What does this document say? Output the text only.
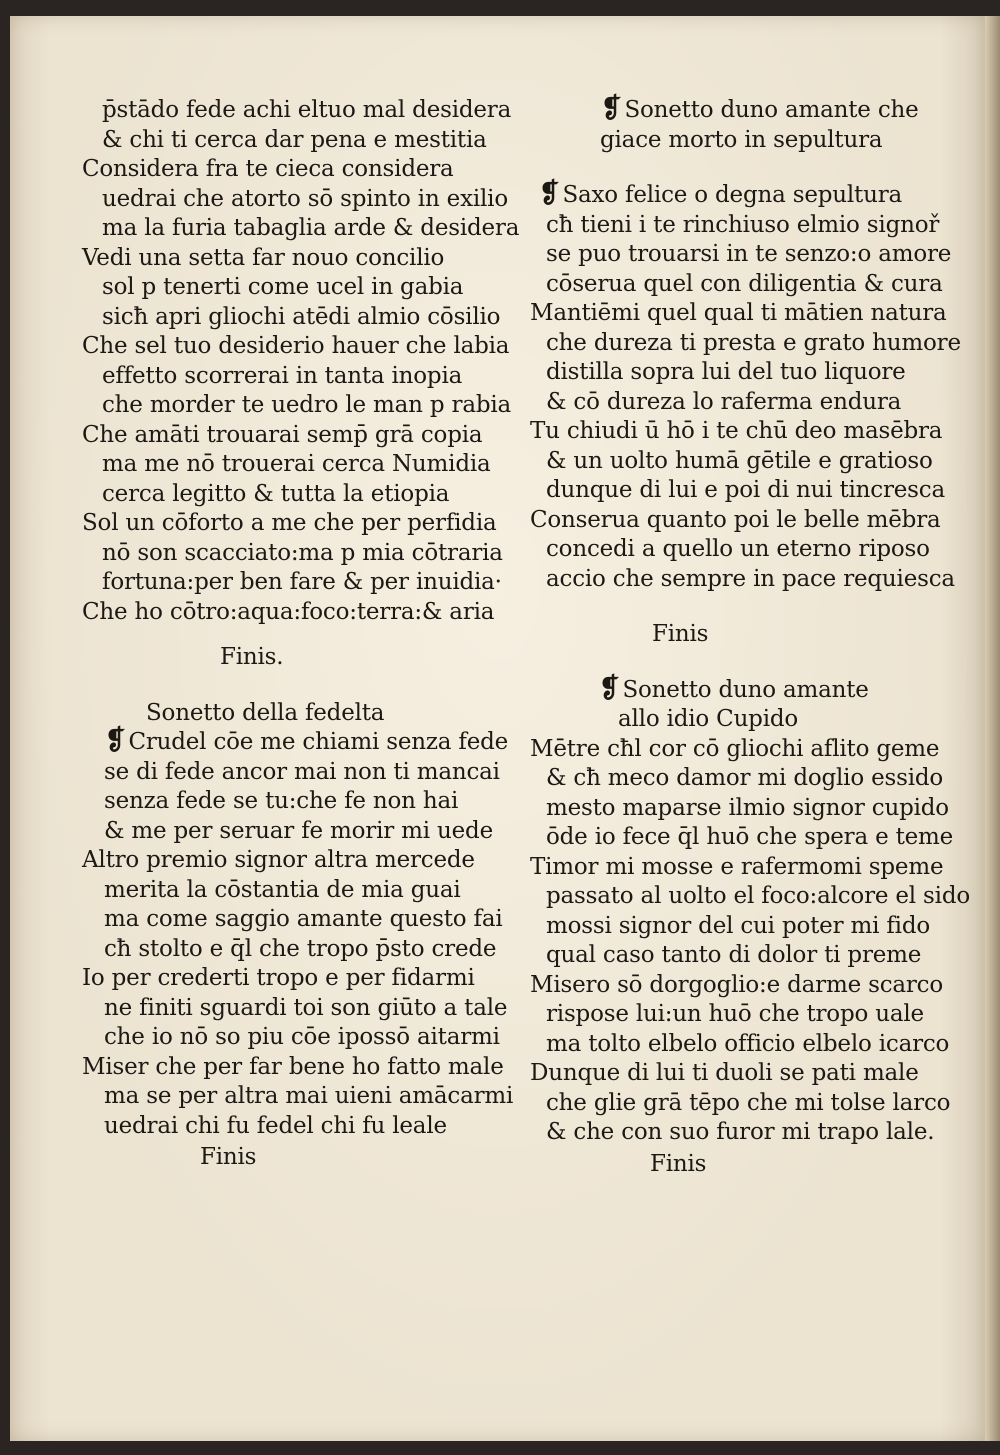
p̄stādo fede achi eltuo mal desidera
& chi ti cerca dar pena e mestitia
Considera fra te cieca considera
uedrai che atorto sō spinto in exilio
ma la furia tabaglia arde & desidera
Vedi una setta far nouo concilio
sol p tenerti come ucel in gabia
sicħ apri gliochi atēdi almio cōsilio
Che sel tuo desiderio hauer che labia
effetto scorrerai in tanta inopia
che morder te uedro le man p rabia
Che amāti trouarai semp̄ grā copia
ma me nō trouerai cerca Numidia
cerca legitto & tutta la etiopia
Sol un cōforto a me che per perfidia
nō son scacciato:ma p mia cōtraria
fortuna:per ben fare & per inuidia·
Che ho cōtro:aqua:foco:terra:& aria
Finis.
Sonetto della fedelta
❡ Crudel cōe me chiami senza fede
se di fede ancor mai non ti mancai
senza fede se tu:che fe non hai
& me per seruar fe morir mi uede
Altro premio signor altra mercede
merita la cōstantia de mia guai
ma come saggio amante questo fai
cħ stolto e q̄l che tropo p̄sto crede
Io per crederti tropo e per fidarmi
ne finiti sguardi toi son giūto a tale
che io nō so piu cōe ipossō aitarmi
Miser che per far bene ho fatto male
ma se per altra mai uieni amācarmi
uedrai chi fu fedel chi fu leale
Finis
❡ Sonetto duno amante che
giace morto in sepultura
❡ Saxo felice o degna sepultura
cħ tieni i te rinchiuso elmio signoř
se puo trouarsi in te senzo:o amore
cōserua quel con diligentia & cura
Mantiēmi quel qual ti mātien natura
che dureza ti presta e grato humore
distilla sopra lui del tuo liquore
& cō dureza lo raferma endura
Tu chiudi ū hō i te chū deo masēbra
& un uolto humā gētile e gratioso
dunque di lui e poi di nui tincresca
Conserua quanto poi le belle mēbra
concedi a quello un eterno riposo
accio che sempre in pace requiesca
Finis
❡ Sonetto duno amante
allo idio Cupido
Mētre cħl cor cō gliochi aflito geme
& cħ meco damor mi doglio essido
mesto maparse ilmio signor cupido
ōde io fece q̄l huō che spera e teme
Timor mi mosse e rafermomi speme
passato al uolto el foco:alcore el sido
mossi signor del cui poter mi fido
qual caso tanto di dolor ti preme
Misero sō dorgoglio:e darme scarco
rispose lui:un huō che tropo uale
ma tolto elbelo officio elbelo icarco
Dunque di lui ti duoli se pati male
che glie grā tēpo che mi tolse larco
& che con suo furor mi trapo lale.
Finis
